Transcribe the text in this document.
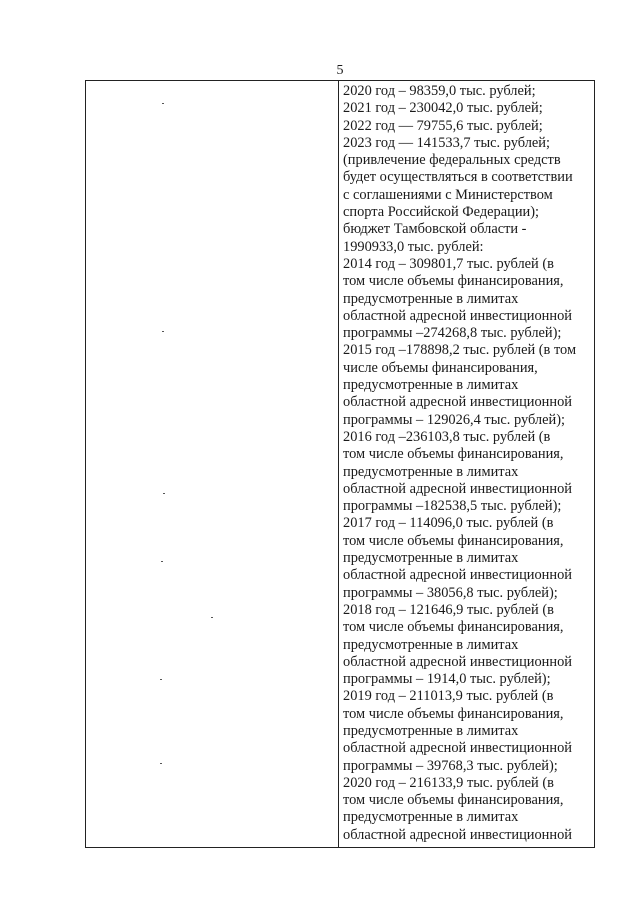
5
2020 год – 98359,0 тыс. рублей;
2021 год – 230042,0 тыс. рублей;
2022 год — 79755,6 тыс. рублей;
2023 год — 141533,7 тыс. рублей;
(привлечение федеральных средств
будет осуществляться в соответствии
с соглашениями с Министерством
спорта Российской Федерации);
бюджет Тамбовской области -
1990933,0 тыс. рублей:
2014 год – 309801,7 тыс. рублей (в
том числе объемы финансирования,
предусмотренные в лимитах
областной адресной инвестиционной
программы –274268,8 тыс. рублей);
2015 год –178898,2 тыс. рублей (в том
числе объемы финансирования,
предусмотренные в лимитах
областной адресной инвестиционной
программы – 129026,4 тыс. рублей);
2016 год –236103,8 тыс. рублей (в
том числе объемы финансирования,
предусмотренные в лимитах
областной адресной инвестиционной
программы –182538,5 тыс. рублей);
2017 год – 114096,0 тыс. рублей (в
том числе объемы финансирования,
предусмотренные в лимитах
областной адресной инвестиционной
программы – 38056,8 тыс. рублей);
2018 год – 121646,9 тыс. рублей (в
том числе объемы финансирования,
предусмотренные в лимитах
областной адресной инвестиционной
программы – 1914,0 тыс. рублей);
2019 год – 211013,9 тыс. рублей (в
том числе объемы финансирования,
предусмотренные в лимитах
областной адресной инвестиционной
программы – 39768,3 тыс. рублей);
2020 год – 216133,9 тыс. рублей (в
том числе объемы финансирования,
предусмотренные в лимитах
областной адресной инвестиционной
